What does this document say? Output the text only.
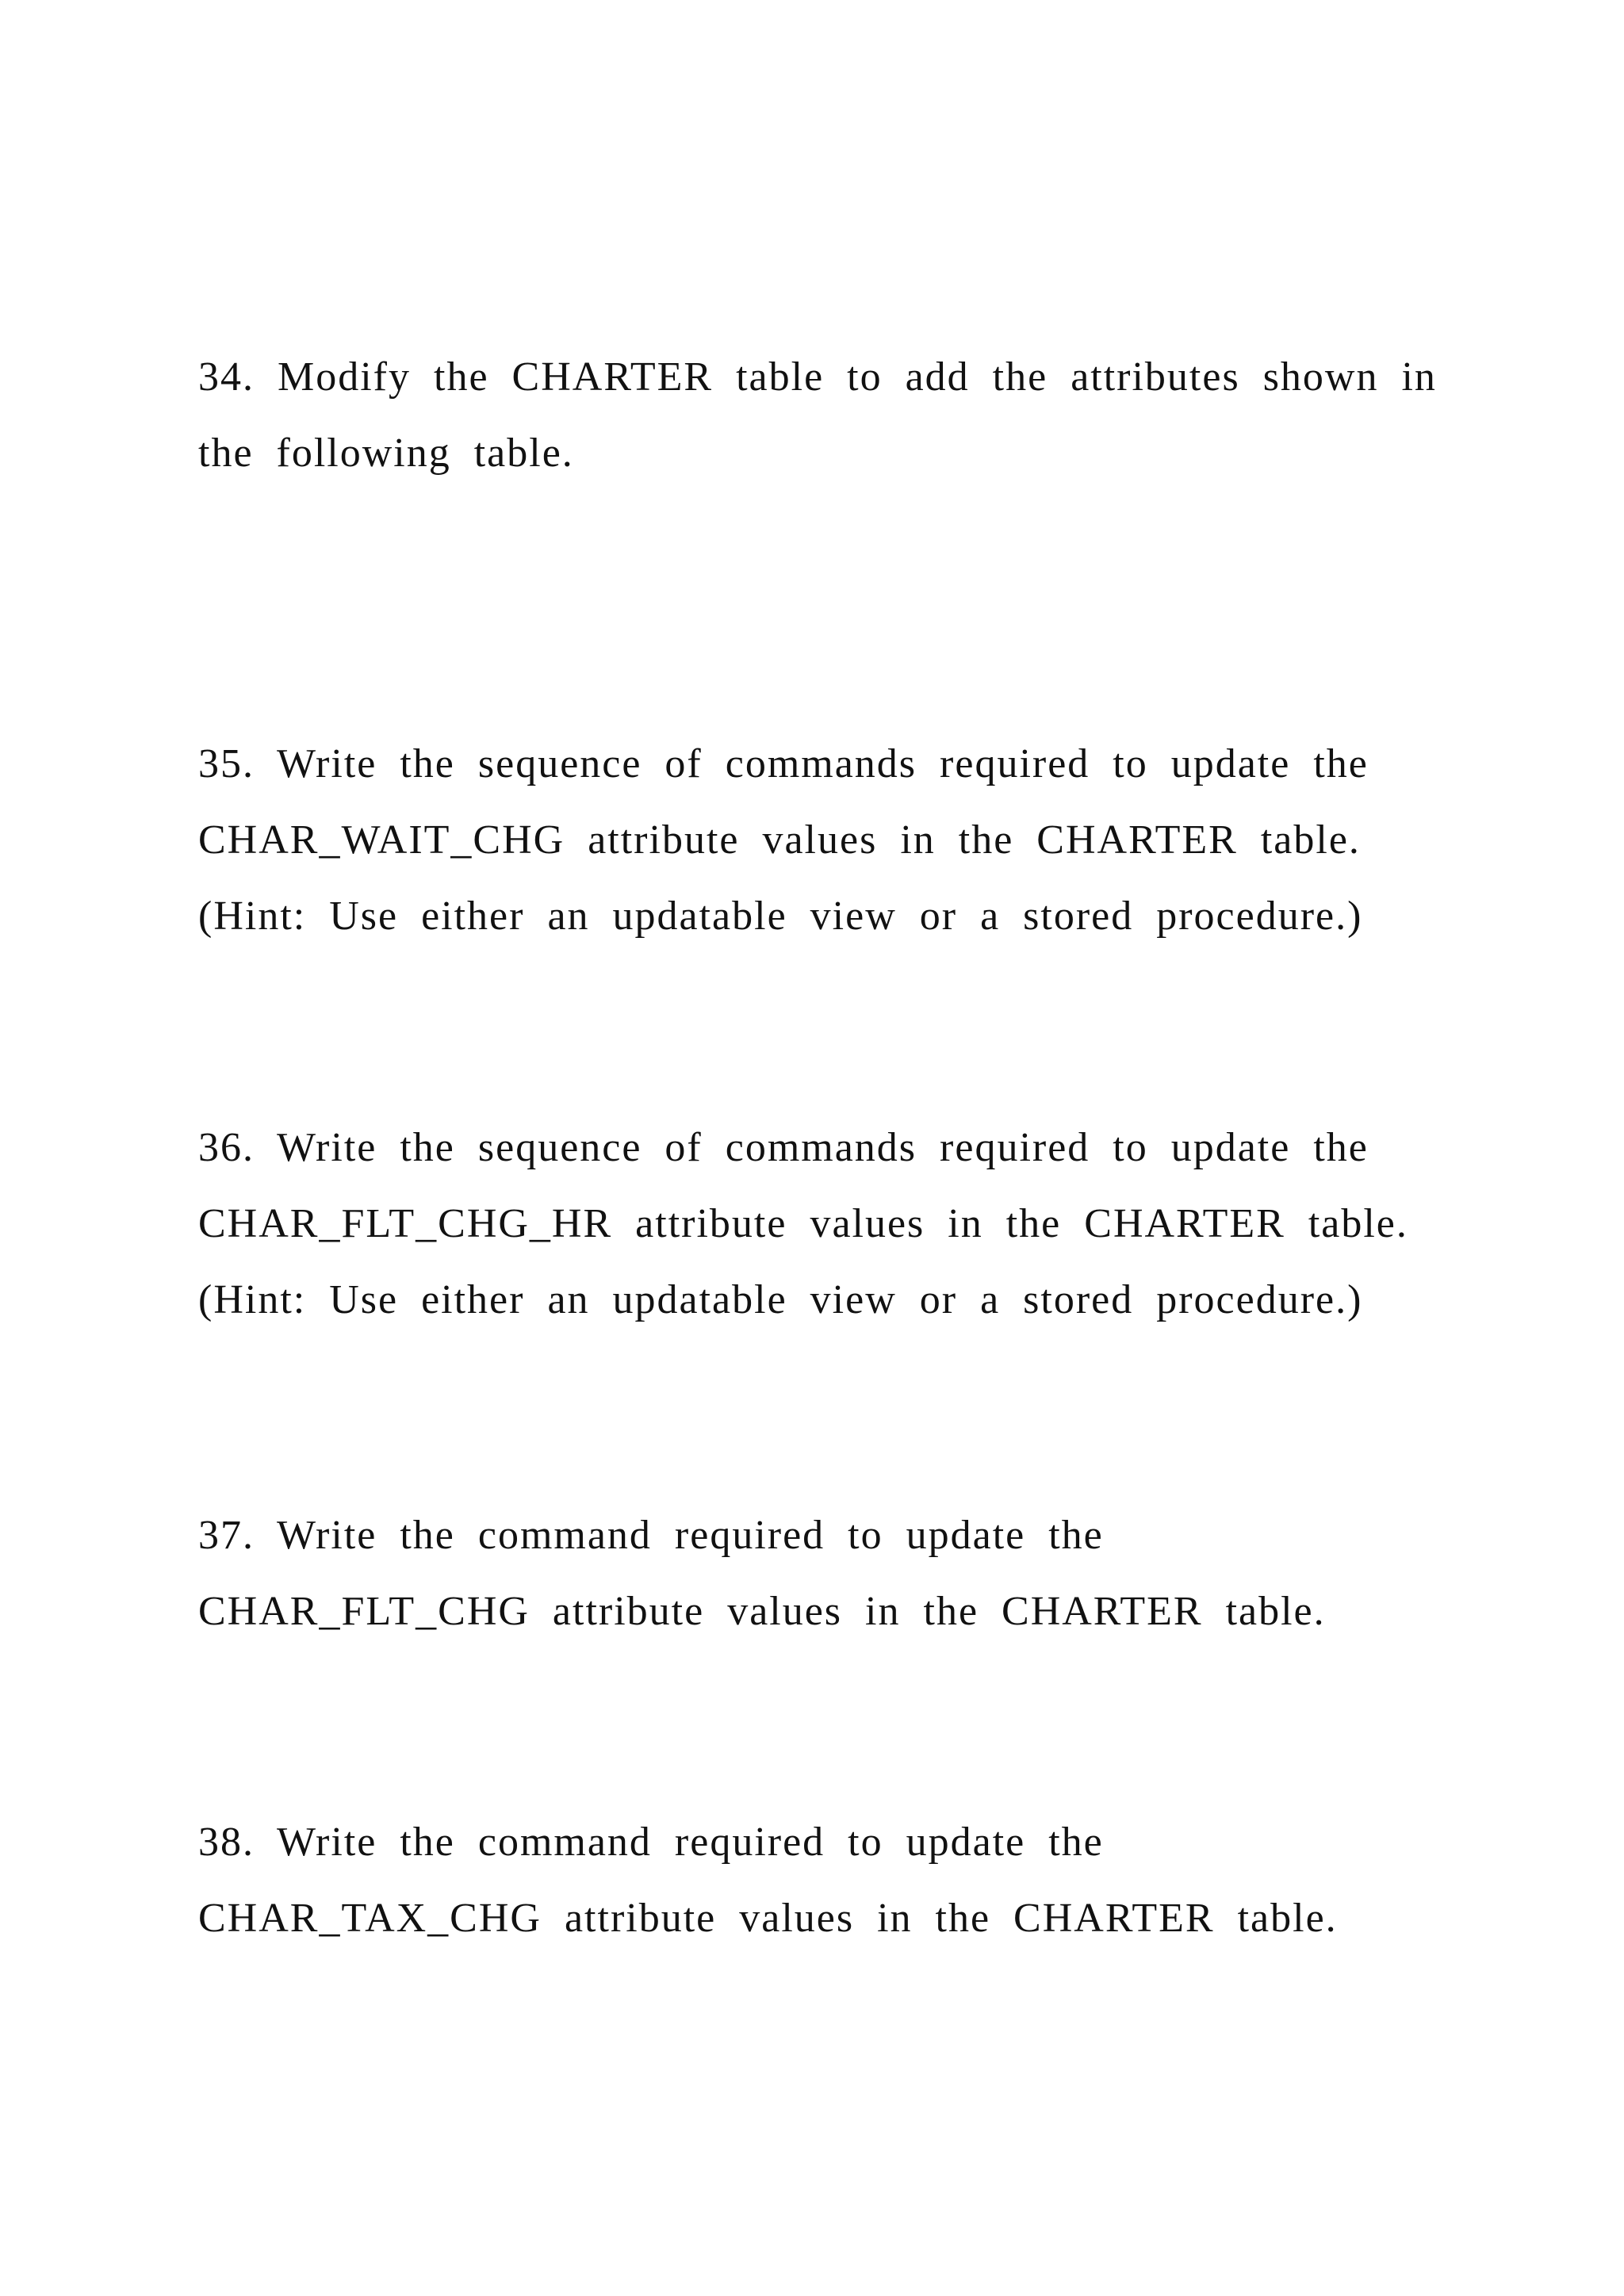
34. Modify the CHARTER table to add the attributes shown in
the following table.
35. Write the sequence of commands required to update the
CHAR_WAIT_CHG attribute values in the CHARTER table.
(Hint: Use either an updatable view or a stored procedure.)
36. Write the sequence of commands required to update the
CHAR_FLT_CHG_HR attribute values in the CHARTER table.
(Hint: Use either an updatable view or a stored procedure.)
37. Write the command required to update the
CHAR_FLT_CHG attribute values in the CHARTER table.
38. Write the command required to update the
CHAR_TAX_CHG attribute values in the CHARTER table.
